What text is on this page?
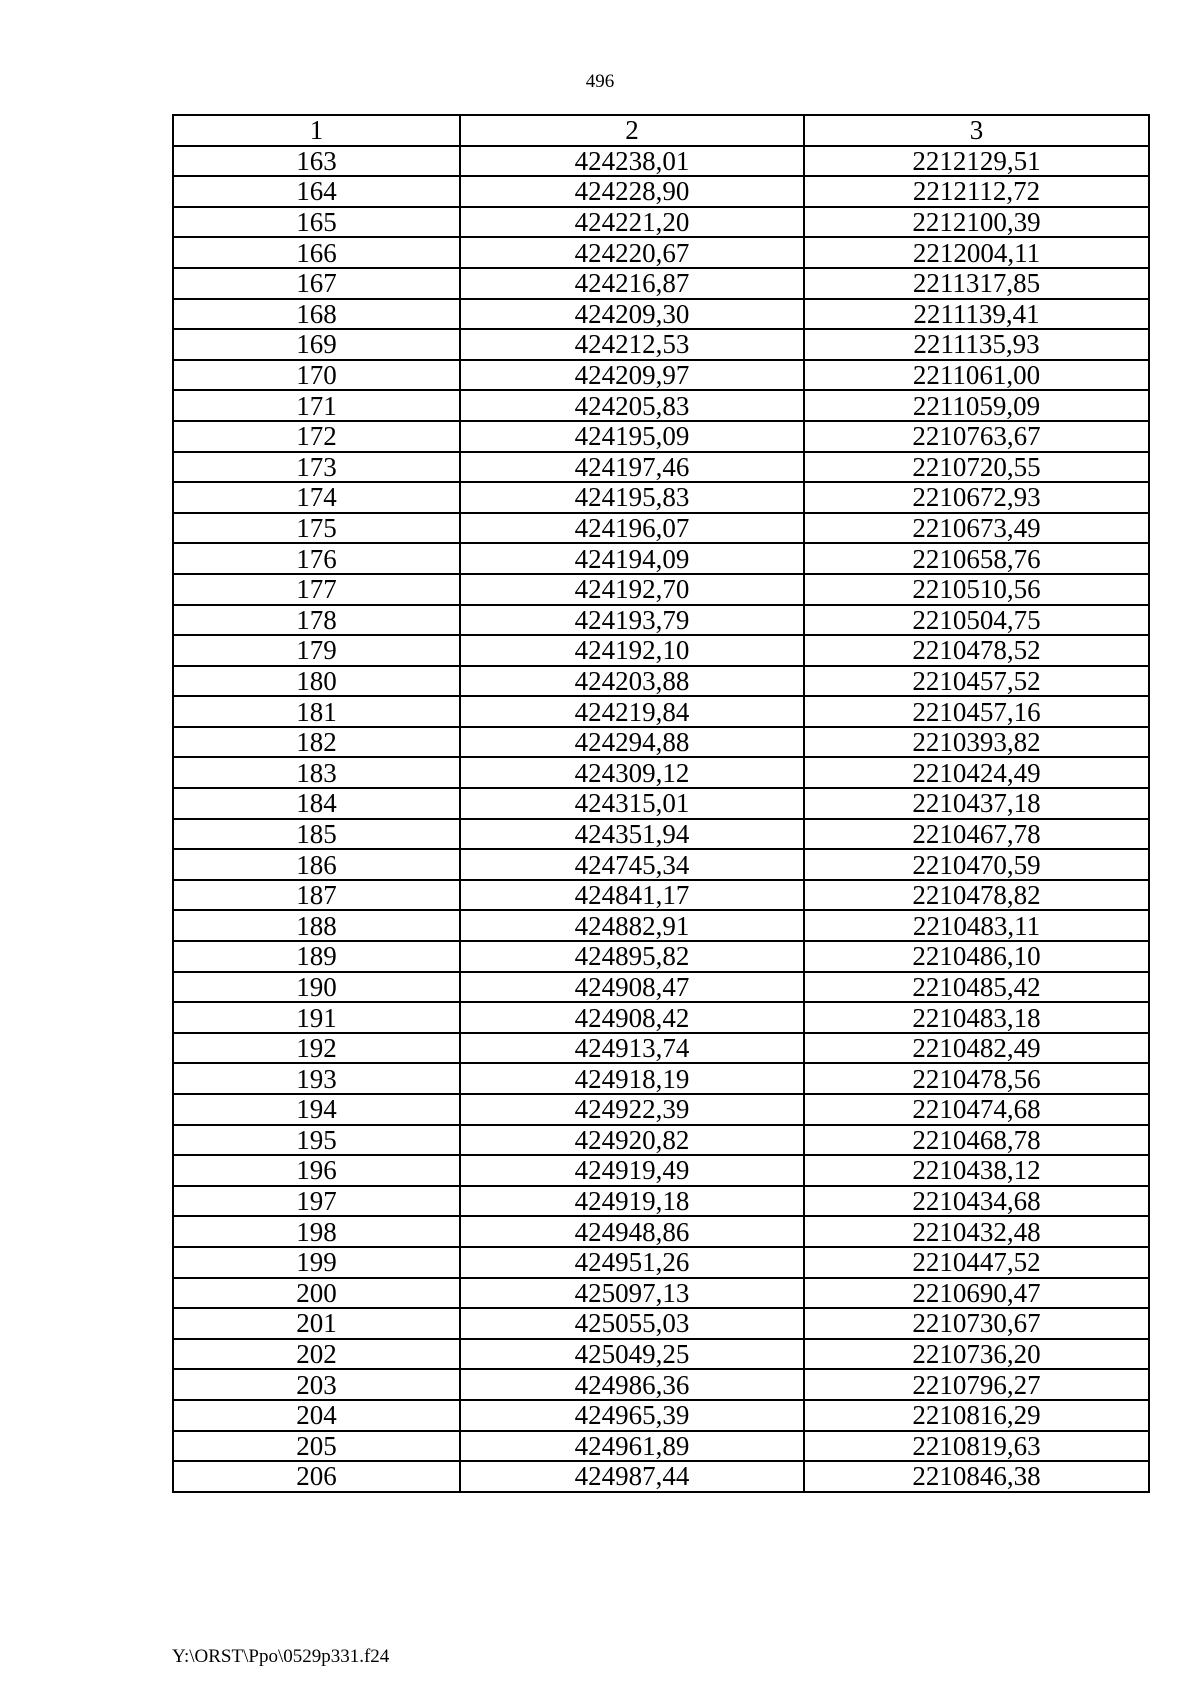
496
1	2	3
163	424238,01	2212129,51
164	424228,90	2212112,72
165	424221,20	2212100,39
166	424220,67	2212004,11
167	424216,87	2211317,85
168	424209,30	2211139,41
169	424212,53	2211135,93
170	424209,97	2211061,00
171	424205,83	2211059,09
172	424195,09	2210763,67
173	424197,46	2210720,55
174	424195,83	2210672,93
175	424196,07	2210673,49
176	424194,09	2210658,76
177	424192,70	2210510,56
178	424193,79	2210504,75
179	424192,10	2210478,52
180	424203,88	2210457,52
181	424219,84	2210457,16
182	424294,88	2210393,82
183	424309,12	2210424,49
184	424315,01	2210437,18
185	424351,94	2210467,78
186	424745,34	2210470,59
187	424841,17	2210478,82
188	424882,91	2210483,11
189	424895,82	2210486,10
190	424908,47	2210485,42
191	424908,42	2210483,18
192	424913,74	2210482,49
193	424918,19	2210478,56
194	424922,39	2210474,68
195	424920,82	2210468,78
196	424919,49	2210438,12
197	424919,18	2210434,68
198	424948,86	2210432,48
199	424951,26	2210447,52
200	425097,13	2210690,47
201	425055,03	2210730,67
202	425049,25	2210736,20
203	424986,36	2210796,27
204	424965,39	2210816,29
205	424961,89	2210819,63
206	424987,44	2210846,38
Y:\ORST\Ppo\0529p331.f24
